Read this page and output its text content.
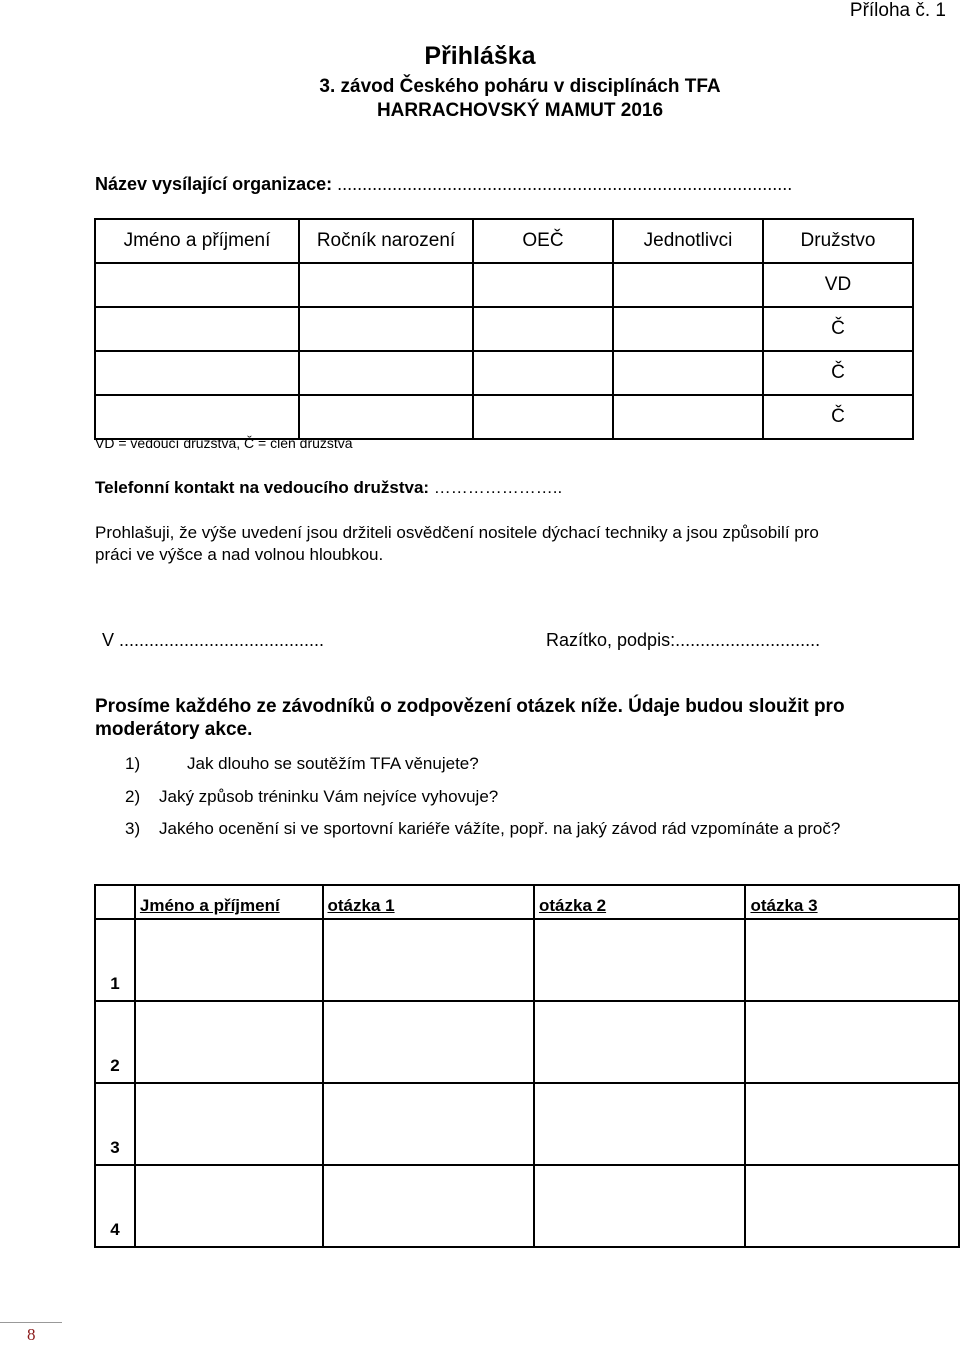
Příloha č. 1
Přihláška
3. závod Českého poháru v disciplínách TFA
HARRACHOVSKÝ MAMUT 2016
Název vysílající organizace: ...........................................................................................
Jméno a příjmení	Ročník narození	OEČ	Jednotlivci	Družstvo
				VD
				Č
				Č
				Č
VD = vedoucí družstva, Č = člen družstva
Telefonní kontakt na vedoucího družstva: …………………..
Prohlašuji, že výše uvedení jsou držiteli osvědčení nositele dýchací techniky a jsou způsobilí pro
práci ve výšce a nad volnou hloubkou.
V .........................................	Razítko, podpis:.............................
Prosíme každého ze závodníků o zodpovězení otázek níže. Údaje budou sloužit pro
moderátory akce.
1)	Jak dlouho se soutěžím TFA věnujete?
2) Jaký způsob tréninku Vám nejvíce vyhovuje?
3) Jakého ocenění si ve sportovní kariéře vážíte, popř. na jaký závod rád vzpomínáte a proč?
	Jméno a příjmení	otázka 1	otázka 2	otázka 3
1				
2				
3				
4				
8
